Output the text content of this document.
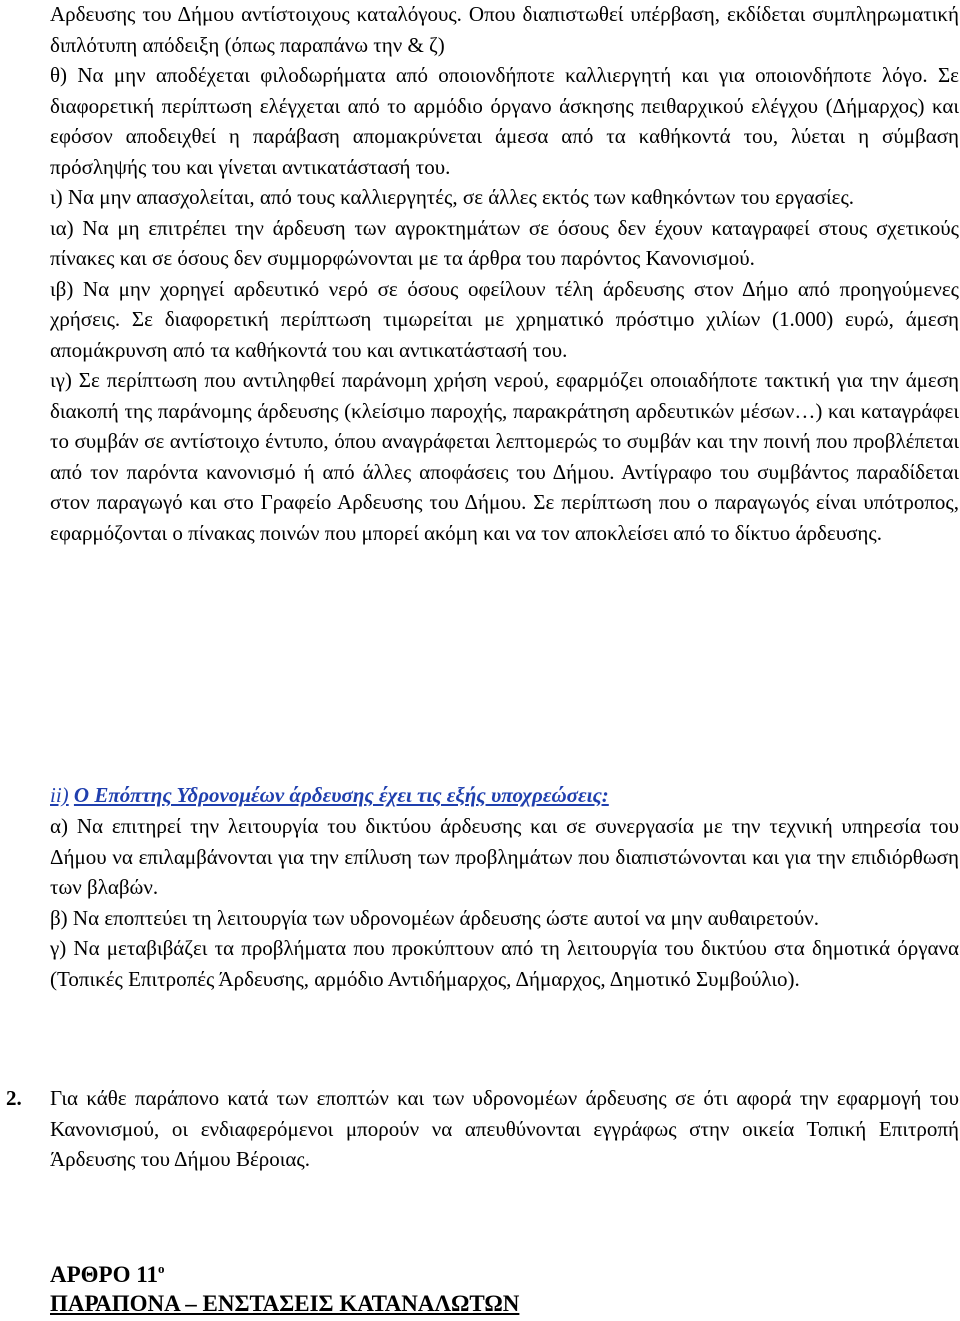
Αρδευσης του Δήμου αντίστοιχους καταλόγους. Οπου διαπιστωθεί υπέρβαση, εκδίδεται συμπληρωματική διπλότυπη απόδειξη (όπως παραπάνω την & ζ)

θ) Να μην αποδέχεται φιλοδωρήματα από οποιονδήποτε καλλιεργητή και για οποιονδήποτε λόγο. Σε διαφορετική περίπτωση ελέγχεται από το αρμόδιο όργανο άσκησης πειθαρχικού ελέγχου (Δήμαρχος) και εφόσον αποδειχθεί η παράβαση απομακρύνεται άμεσα από τα καθήκοντά του, λύεται η σύμβαση πρόσληψής του και γίνεται αντικατάστασή του.

ι) Να μην απασχολείται, από τους καλλιεργητές, σε άλλες εκτός των καθηκόντων του εργασίες.

ια) Να μη επιτρέπει την άρδευση των αγροκτημάτων σε όσους δεν έχουν καταγραφεί στους σχετικούς πίνακες και σε όσους δεν συμμορφώνονται με τα άρθρα του παρόντος Κανονισμού.

ιβ) Να μην χορηγεί αρδευτικό νερό σε όσους οφείλουν τέλη άρδευσης στον Δήμο από προηγούμενες χρήσεις. Σε διαφορετική περίπτωση τιμωρείται με χρηματικό πρόστιμο χιλίων (1.000) ευρώ, άμεση απομάκρυνση από τα καθήκοντά του και αντικατάστασή του.

ιγ) Σε περίπτωση που αντιληφθεί παράνομη χρήση νερού, εφαρμόζει οποιαδήποτε τακτική για την άμεση διακοπή της παράνομης άρδευσης (κλείσιμο παροχής, παρακράτηση αρδευτικών μέσων…) και καταγράφει το συμβάν σε αντίστοιχο έντυπο, όπου αναγράφεται λεπτομερώς το συμβάν και την ποινή που προβλέπεται από τον παρόντα κανονισμό ή από άλλες αποφάσεις του Δήμου. Αντίγραφο του συμβάντος παραδίδεται στον παραγωγό και στο Γραφείο Αρδευσης του Δήμου. Σε περίπτωση που ο παραγωγός είναι υπότροπος, εφαρμόζονται ο πίνακας ποινών που μπορεί ακόμη και να τον αποκλείσει από το δίκτυο άρδευσης.

ii) Ο Επόπτης Υδρονομέων άρδευσης έχει τις εξής υποχρεώσεις:

α) Να επιτηρεί την λειτουργία του δικτύου άρδευσης και σε συνεργασία με την τεχνική υπηρεσία του Δήμου να επιλαμβάνονται για την επίλυση των προβλημάτων που διαπιστώνονται και για την επιδιόρθωση των βλαβών.

β) Να εποπτεύει τη λειτουργία των υδρονομέων άρδευσης ώστε αυτοί να μην αυθαιρετούν.

γ) Να μεταβιβάζει τα προβλήματα που προκύπτουν από τη λειτουργία του δικτύου στα δημοτικά όργανα (Τοπικές Επιτροπές Άρδευσης, αρμόδιο Αντιδήμαρχος, Δήμαρχος, Δημοτικό Συμβούλιο).

2. Για κάθε παράπονο κατά των εποπτών και των υδρονομέων άρδευσης σε ότι αφορά την εφαρμογή του Κανονισμού, οι ενδιαφερόμενοι μπορούν να απευθύνονται εγγράφως στην οικεία Τοπική Επιτροπή Άρδευσης του Δήμου Βέροιας.
ΑΡΘΡΟ $11^o$
ΠΑΡΑΠΟΝΑ – ΕΝΣΤΑΣΕΙΣ ΚΑΤΑΝΑΛΩΤΩΝ
